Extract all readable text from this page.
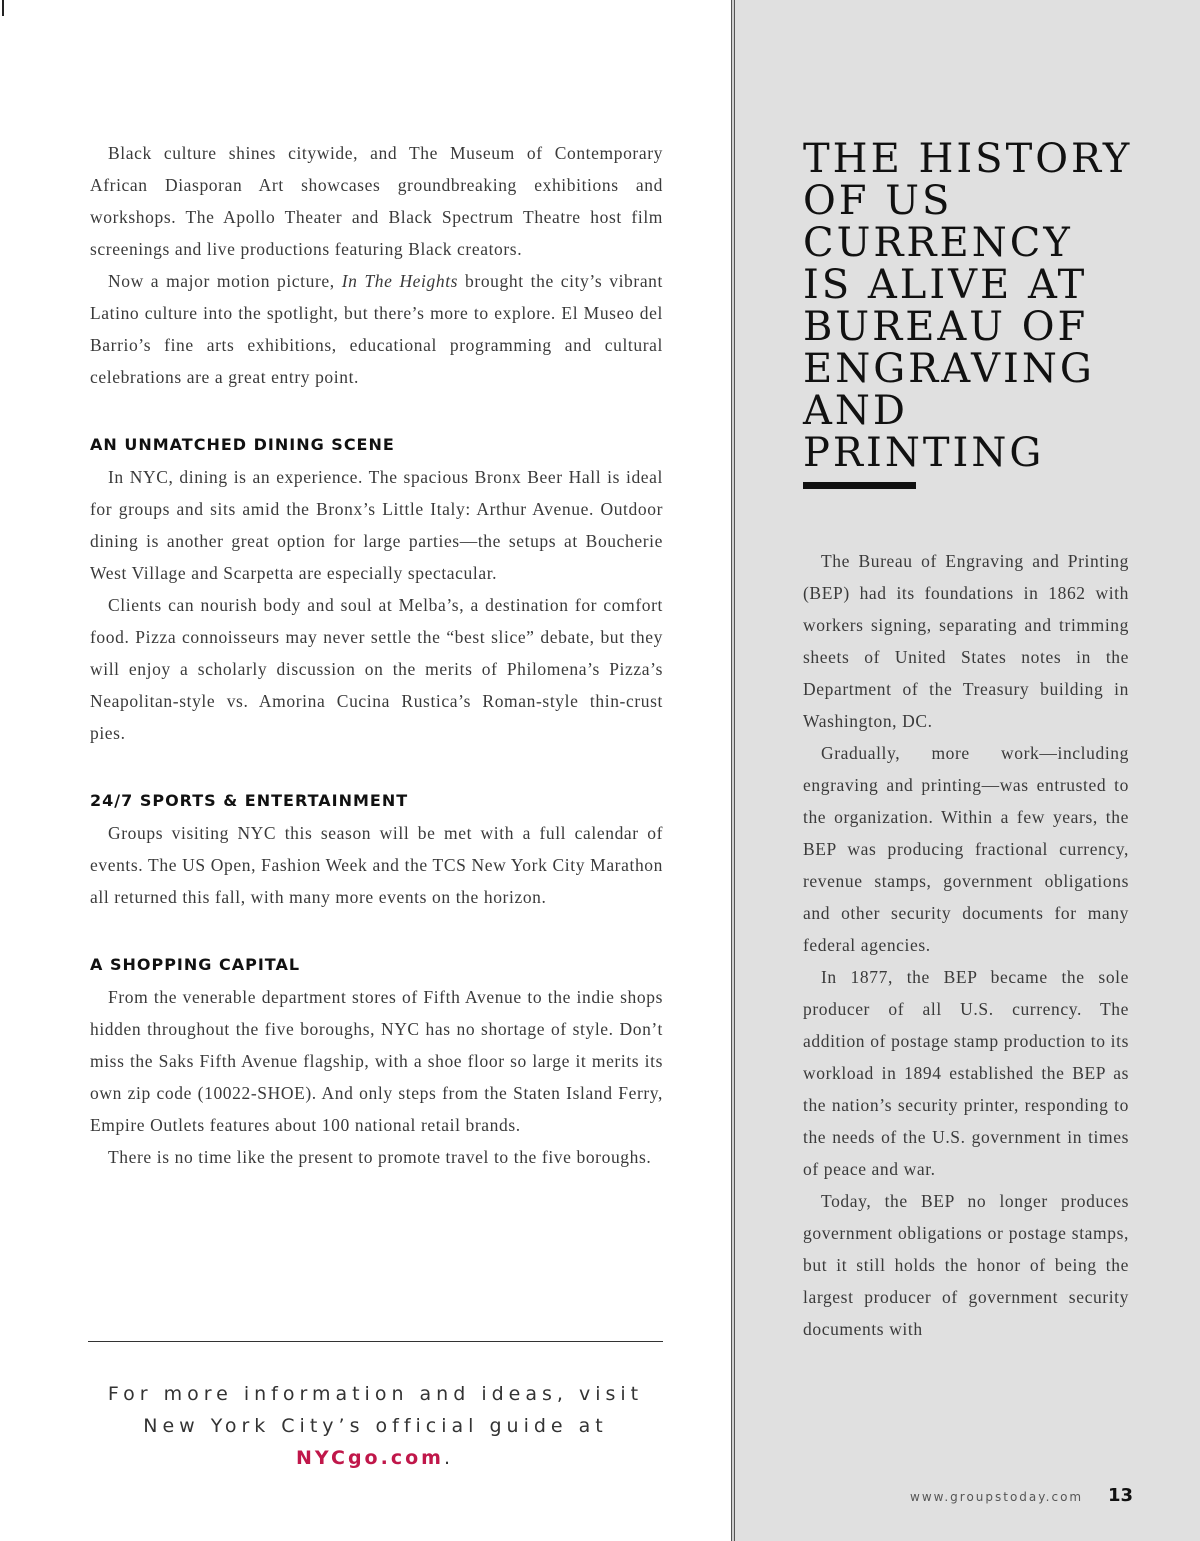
Black culture shines citywide, and The Museum of Contemporary African Diasporan Art showcases groundbreaking exhibitions and workshops. The Apollo Theater and Black Spectrum Theatre host film screenings and live productions featuring Black creators.

Now a major motion picture, In The Heights brought the city’s vibrant Latino culture into the spotlight, but there’s more to explore. El Museo del Barrio’s fine arts exhibitions, educational programming and cultural celebrations are a great entry point.

AN UNMATCHED DINING SCENE

In NYC, dining is an experience. The spacious Bronx Beer Hall is ideal for groups and sits amid the Bronx’s Little Italy: Arthur Avenue. Outdoor dining is another great option for large parties—the setups at Boucherie West Village and Scarpetta are especially spectacular.

Clients can nourish body and soul at Melba’s, a destination for comfort food. Pizza connoisseurs may never settle the “best slice” debate, but they will enjoy a scholarly discussion on the merits of Philomena’s Pizza’s Neapolitan-style vs. Amorina Cucina Rustica’s Roman-style thin-crust pies.

24/7 SPORTS & ENTERTAINMENT

Groups visiting NYC this season will be met with a full calendar of events. The US Open, Fashion Week and the TCS New York City Marathon all returned this fall, with many more events on the horizon.

A SHOPPING CAPITAL

From the venerable department stores of Fifth Avenue to the indie shops hidden throughout the five boroughs, NYC has no shortage of style. Don’t miss the Saks Fifth Avenue flagship, with a shoe floor so large it merits its own zip code (10022-SHOE). And only steps from the Staten Island Ferry, Empire Outlets features about 100 national retail brands.

There is no time like the present to promote travel to the five boroughs.

For more information and ideas, visit New York City’s official guide at NYCgo.com.
THE HISTORY
OF US
CURRENCY
IS ALIVE AT
BUREAU OF
ENGRAVING
AND
PRINTING

The Bureau of Engraving and Printing (BEP) had its foundations in 1862 with workers signing, separating and trimming sheets of United States notes in the Department of the Treasury building in Washington, DC.

Gradually, more work—including engraving and printing—was entrusted to the organization. Within a few years, the BEP was producing fractional currency, revenue stamps, government obligations and other security documents for many federal agencies.

In 1877, the BEP became the sole producer of all U.S. currency. The addition of postage stamp production to its workload in 1894 established the BEP as the nation’s security printer, responding to the needs of the U.S. government in times of peace and war.

Today, the BEP no longer produces government obligations or postage stamps, but it still holds the honor of being the largest producer of government security documents with

www.groupstoday.com 13
